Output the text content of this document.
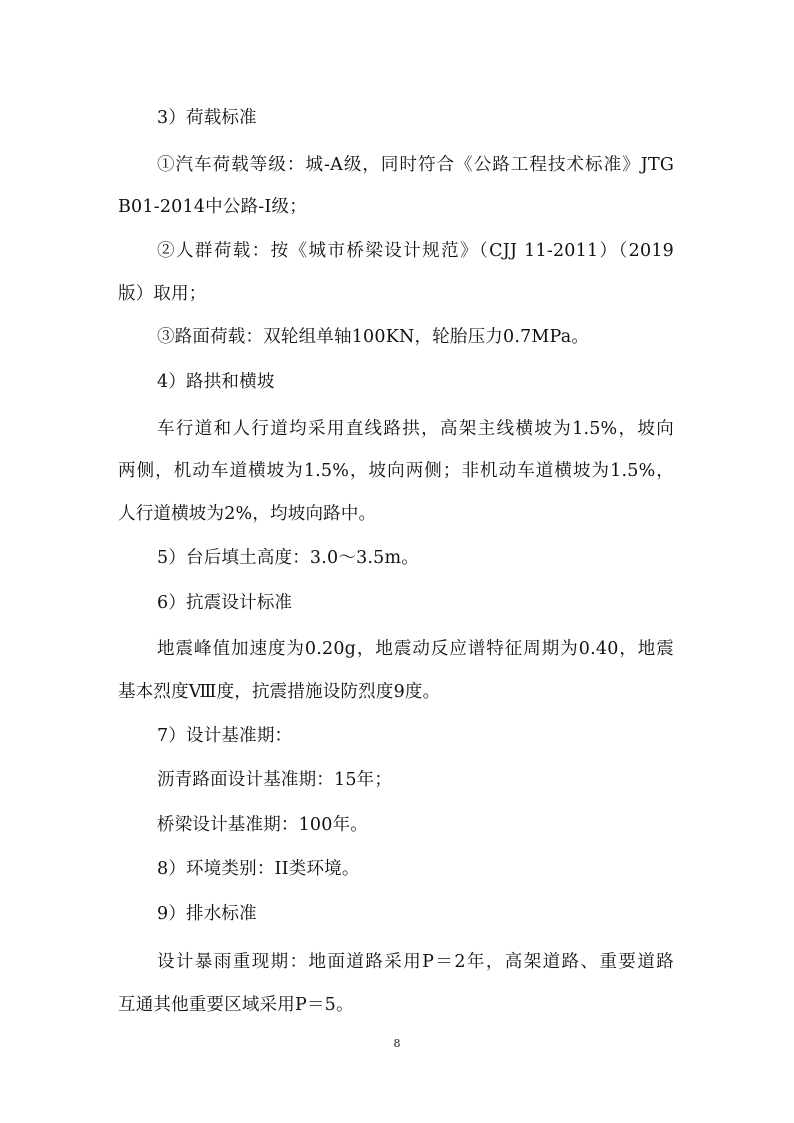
3）荷载标准
①汽车荷载等级：城-A级，同时符合《公路工程技术标准》JTG
B01-2014中公路-Ⅰ级；
②人群荷载：按《城市桥梁设计规范》（CJJ 11-2011）（2019
版）取用；
③路面荷载：双轮组单轴100KN，轮胎压力0.7MPa。
4）路拱和横坡
车行道和人行道均采用直线路拱，高架主线横坡为1.5%，坡向
两侧，机动车道横坡为1.5%，坡向两侧；非机动车道横坡为1.5%，
人行道横坡为2%，均坡向路中。
5）台后填土高度：3.0～3.5m。
6）抗震设计标准
地震峰值加速度为0.20g，地震动反应谱特征周期为0.40，地震
基本烈度Ⅷ度，抗震措施设防烈度9度。
7）设计基准期：
沥青路面设计基准期：15年；
桥梁设计基准期：100年。
8）环境类别：II类环境。
9）排水标准
设计暴雨重现期：地面道路采用P＝2年，高架道路、重要道路
互通其他重要区域采用P＝5。
8
